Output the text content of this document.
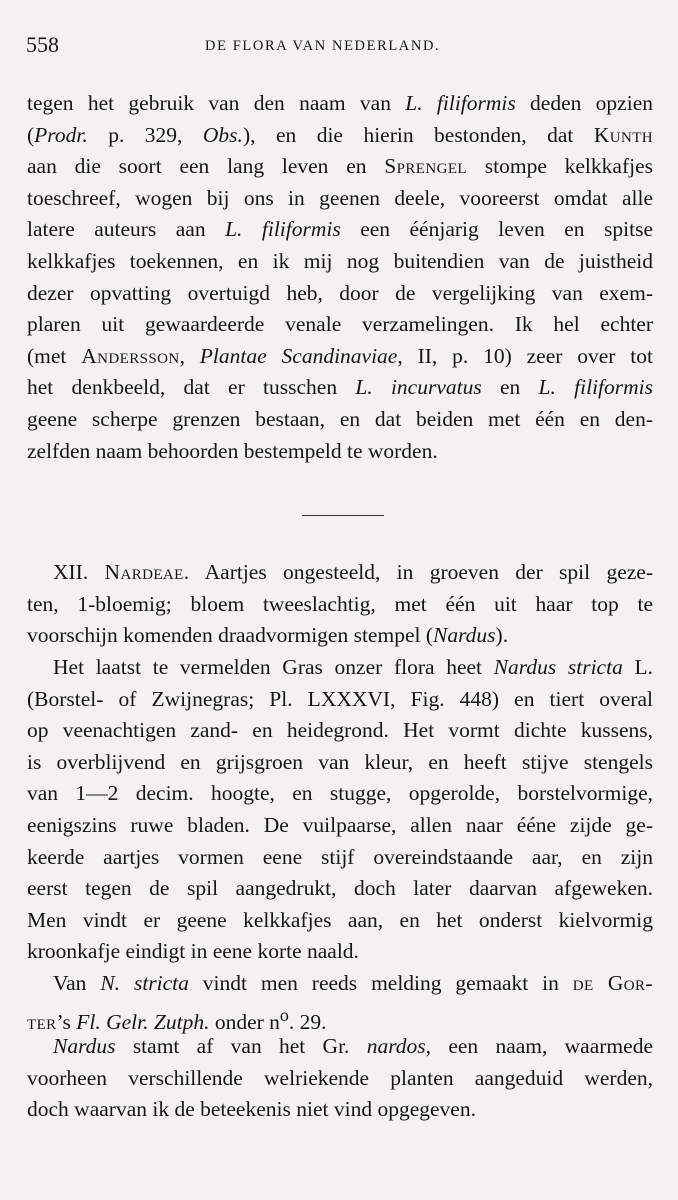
558	DE FLORA VAN NEDERLAND.
tegen het gebruik van den naam van L. filiformis deden opzien
(Prodr. p. 329, Obs.), en die hierin bestonden, dat Kunth
aan die soort een lang leven en Sprengel stompe kelkkafjes
toeschreef, wogen bij ons in geenen deele, vooreerst omdat alle
latere auteurs aan L. filiformis een éénjarig leven en spitse
kelkkafjes toekennen, en ik mij nog buitendien van de juistheid
dezer opvatting overtuigd heb, door de vergelijking van exem-
plaren uit gewaardeerde venale verzamelingen. Ik hel echter
(met Andersson, Plantae Scandinaviae, II, p. 10) zeer over tot
het denkbeeld, dat er tusschen L. incurvatus en L. filiformis
geene scherpe grenzen bestaan, en dat beiden met één en den-
zelfden naam behoorden bestempeld te worden.
XII. Nardeae. Aartjes ongesteeld, in groeven der spil geze-
ten, 1-bloemig; bloem tweeslachtig, met één uit haar top te
voorschijn komenden draadvormigen stempel (Nardus).
Het laatst te vermelden Gras onzer flora heet Nardus stricta L.
(Borstel- of Zwijnegras; Pl. LXXXVI, Fig. 448) en tiert overal
op veenachtigen zand- en heidegrond. Het vormt dichte kussens,
is overblijvend en grijsgroen van kleur, en heeft stijve stengels
van 1—2 decim. hoogte, en stugge, opgerolde, borstelvormige,
eenigszins ruwe bladen. De vuilpaarse, allen naar ééne zijde ge-
keerde aartjes vormen eene stijf overeindstaande aar, en zijn
eerst tegen de spil aangedrukt, doch later daarvan afgeweken.
Men vindt er geene kelkkafjes aan, en het onderst kielvormig
kroonkafje eindigt in eene korte naald.
Van N. stricta vindt men reeds melding gemaakt in de Gor-
ter’s Fl. Gelr. Zutph. onder $n^o$. 29.
Nardus stamt af van het Gr. nardos, een naam, waarmede
voorheen verschillende welriekende planten aangeduid werden,
doch waarvan ik de beteekenis niet vind opgegeven.
